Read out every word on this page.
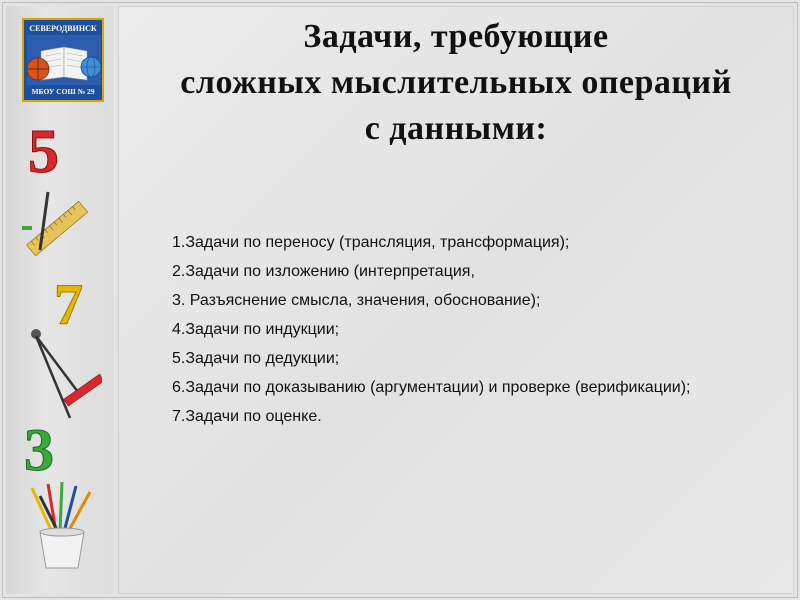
СЕВЕРОДВИНСК
МБОУ СОШ № 29
5
7
3
Задачи, требующие
сложных мыслительных операций
с данными:
1.Задачи по переносу (трансляция, трансформация);
2.Задачи по изложению (интерпретация,
3. Разъяснение смысла, значения, обоснование);
4.Задачи по индукции;
5.Задачи по дедукции;
6.Задачи по доказыванию (аргументации) и проверке (верификации);
7.Задачи по оценке.
